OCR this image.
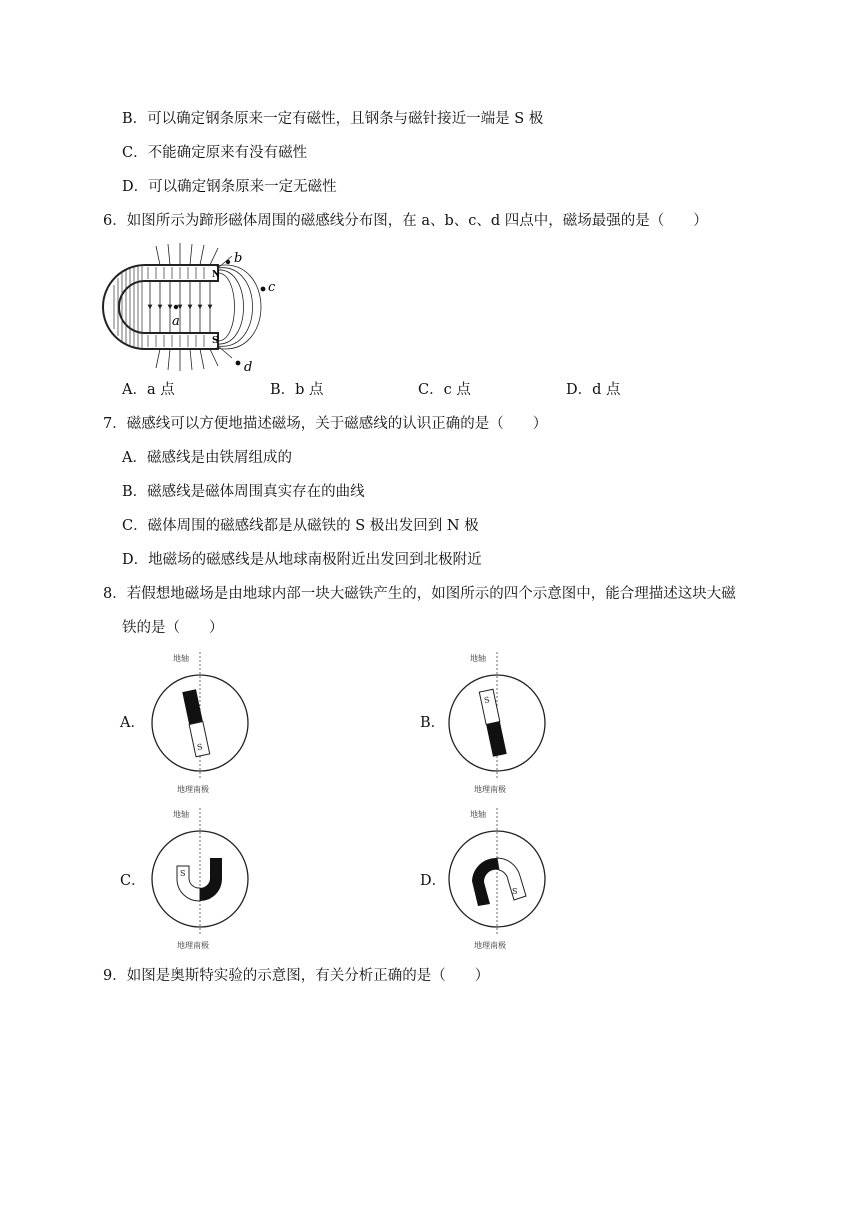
B．可以确定钢条原来一定有磁性，且钢条与磁针接近一端是 S 极
C．不能确定原来有没有磁性
D．可以确定钢条原来一定无磁性
6．如图所示为蹄形磁体周围的磁感线分布图，在 a、b、c、d 四点中，磁场最强的是（　　）
N
S
a
b
c
d
A．a 点	B．b 点	C．c 点	D．d 点
7．磁感线可以方便地描述磁场，关于磁感线的认识正确的是（　　）
A．磁感线是由铁屑组成的
B．磁感线是磁体周围真实存在的曲线
C．磁体周围的磁感线都是从磁铁的 S 极出发回到 N 极
D．地磁场的磁感线是从地球南极附近出发回到北极附近
8．若假想地磁场是由地球内部一块大磁铁产生的，如图所示的四个示意图中，能合理描述这块大磁
铁的是（　　）
A．
地轴
S
地理南极
B．
地轴
S
地理南极
C．
地轴
S
地理南极
D．
地轴
S
地理南极
9．如图是奥斯特实验的示意图，有关分析正确的是（　　）
